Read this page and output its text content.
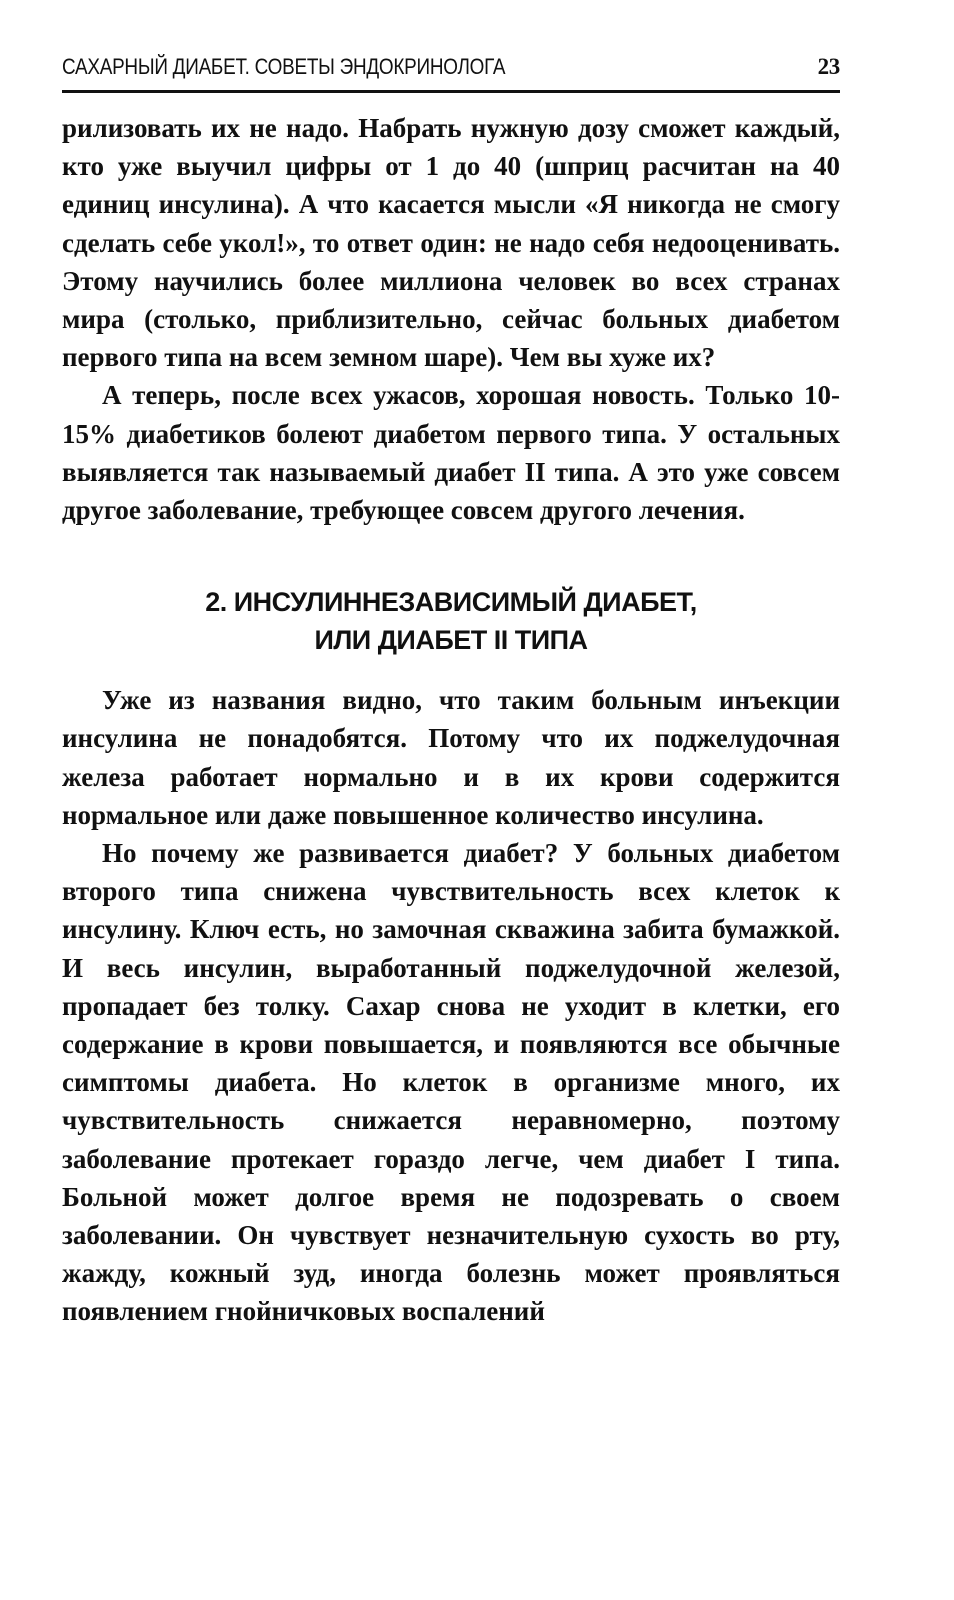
САХАРНЫЙ ДИАБЕТ. СОВЕТЫ ЭНДОКРИНОЛОГА	23

рилизовать их не надо. Набрать нужную дозу сможет каждый, кто уже выучил цифры от 1 до 40 (шприц расчитан на 40 единиц инсулина). А что касается мысли «Я никогда не смогу сделать себе укол!», то ответ один: не надо себя недооценивать. Этому научились более миллиона человек во всех странах мира (столько, приблизительно, сейчас больных диабетом первого типа на всем земном шаре). Чем вы хуже их?

А теперь, после всех ужасов, хорошая новость. Только 10-15% диабетиков болеют диабетом первого типа. У остальных выявляется так называемый диабет II типа. А это уже совсем другое заболевание, требующее совсем другого лечения.

2. ИНСУЛИННЕЗАВИСИМЫЙ ДИАБЕТ,
ИЛИ ДИАБЕТ II ТИПА

Уже из названия видно, что таким больным инъекции инсулина не понадобятся. Потому что их поджелудочная железа работает нормально и в их крови содержится нормальное или даже повышенное количество инсулина.

Но почему же развивается диабет? У больных диабетом второго типа снижена чувствительность всех клеток к инсулину. Ключ есть, но замочная скважина забита бумажкой. И весь инсулин, выработанный поджелудочной железой, пропадает без толку. Сахар снова не уходит в клетки, его содержание в крови повышается, и появляются все обычные симптомы диабета. Но клеток в организме много, их чувствительность снижается неравномерно, поэтому заболевание протекает гораздо легче, чем диабет I типа. Больной может долгое время не подозревать о своем заболевании. Он чувствует незначительную сухость во рту, жажду, кожный зуд, иногда болезнь может проявляться появлением гнойничковых воспалений
